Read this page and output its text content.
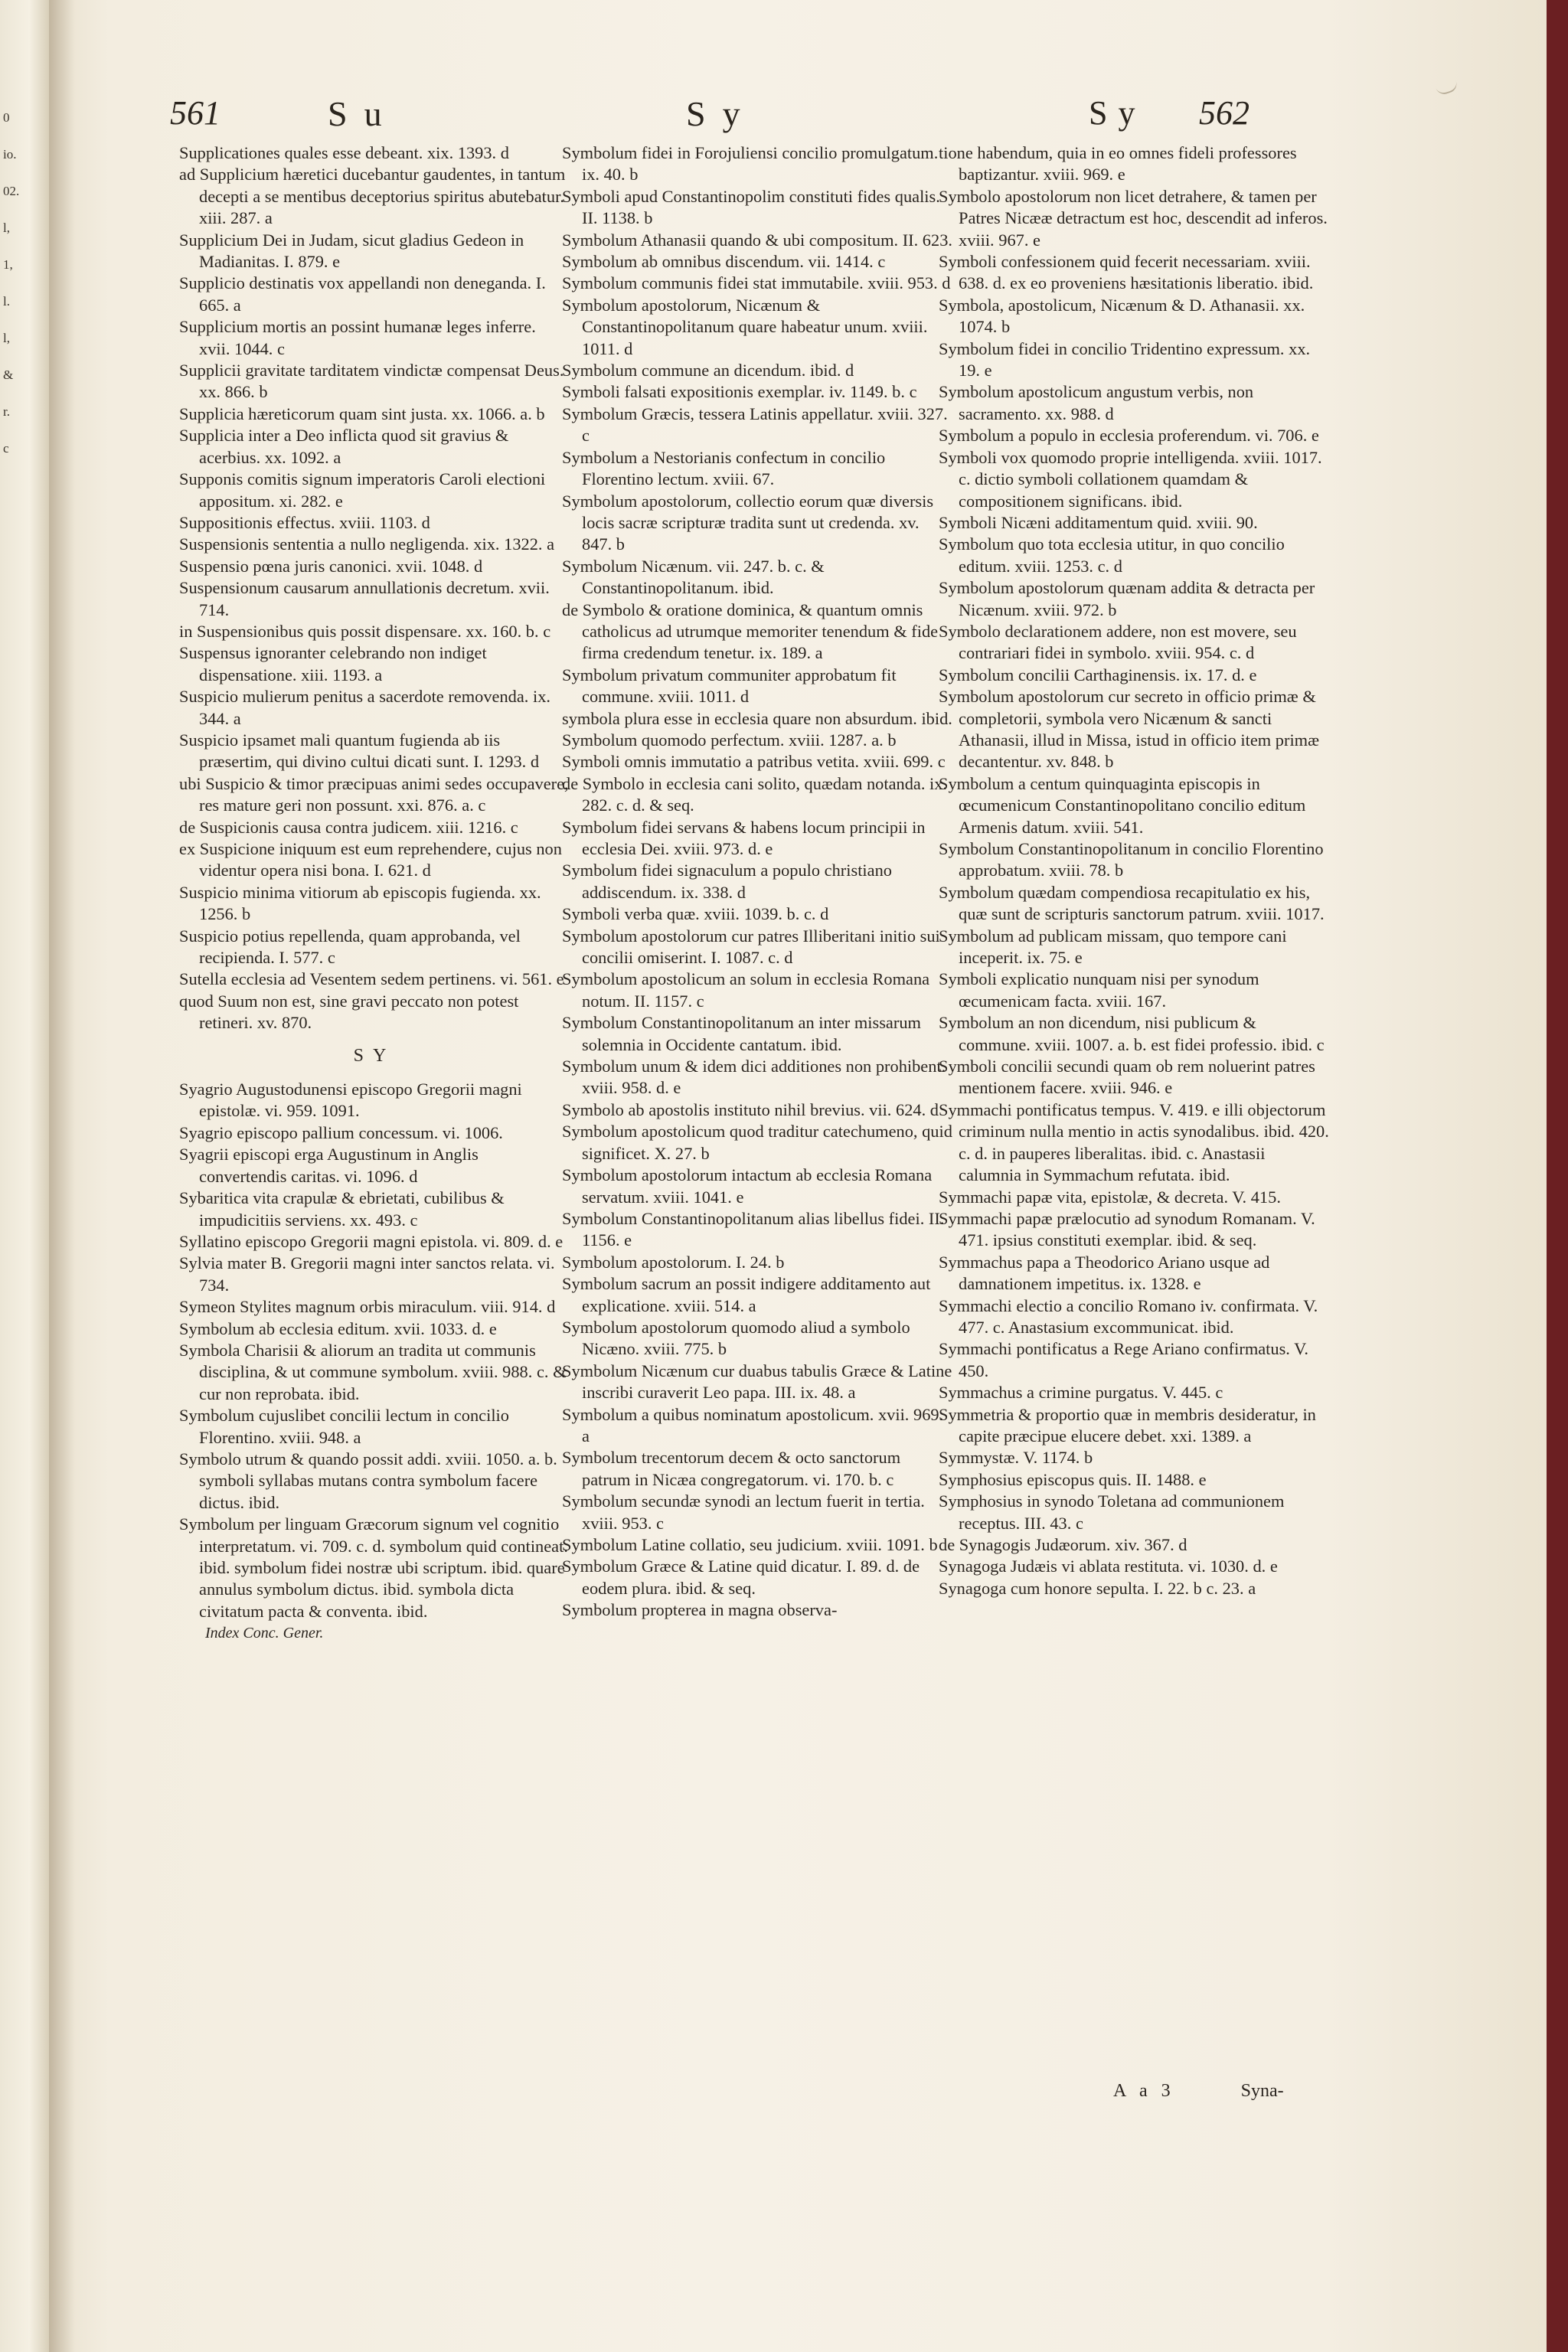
0
io.
02.
l,
1,
l.
l,
&
r.
c
561	Su	Sy	Sy 562

Supplicationes quales esse debeant. xix. 1393. d

ad Supplicium hæretici ducebantur gaudentes, in tantum decepti a se mentibus deceptorius spiritus abutebatur. xiii. 287. a

Supplicium Dei in Judam, sicut gladius Gedeon in Madianitas. I. 879. e

Supplicio destinatis vox appellandi non deneganda. I. 665. a

Supplicium mortis an possint humanæ leges inferre. xvii. 1044. c

Supplicii gravitate tarditatem vindictæ compensat Deus. xx. 866. b

Supplicia hæreticorum quam sint justa. xx. 1066. a. b

Supplicia inter a Deo inflicta quod sit gravius & acerbius. xx. 1092. a

Supponis comitis signum imperatoris Caroli electioni appositum. xi. 282. e

Suppositionis effectus. xviii. 1103. d

Suspensionis sententia a nullo negligenda. xix. 1322. a

Suspensio pœna juris canonici. xvii. 1048. d

Suspensionum causarum annullationis decretum. xvii. 714.

in Suspensionibus quis possit dispensare. xx. 160. b. c

Suspensus ignoranter celebrando non indiget dispensatione. xiii. 1193. a

Suspicio mulierum penitus a sacerdote removenda. ix. 344. a

Suspicio ipsamet mali quantum fugienda ab iis præsertim, qui divino cultui dicati sunt. I. 1293. d

ubi Suspicio & timor præcipuas animi sedes occupavere, res mature geri non possunt. xxi. 876. a. c

de Suspicionis causa contra judicem. xiii. 1216. c

ex Suspicione iniquum est eum reprehendere, cujus non videntur opera nisi bona. I. 621. d

Suspicio minima vitiorum ab episcopis fugienda. xx. 1256. b

Suspicio potius repellenda, quam approbanda, vel recipienda. I. 577. c

Sutella ecclesia ad Vesentem sedem pertinens. vi. 561. e

quod Suum non est, sine gravi peccato non potest retineri. xv. 870.

SY

Syagrio Augustodunensi episcopo Gregorii magni epistolæ. vi. 959. 1091.

Syagrio episcopo pallium concessum. vi. 1006.

Syagrii episcopi erga Augustinum in Anglis convertendis caritas. vi. 1096. d

Sybaritica vita crapulæ & ebrietati, cubilibus & impudicitiis serviens. xx. 493. c

Syllatino episcopo Gregorii magni epistola. vi. 809. d. e

Sylvia mater B. Gregorii magni inter sanctos relata. vi. 734.

Symeon Stylites magnum orbis miraculum. viii. 914. d

Symbolum ab ecclesia editum. xvii. 1033. d. e

Symbola Charisii & aliorum an tradita ut communis disciplina, & ut commune symbolum. xviii. 988. c. & cur non reprobata. ibid.

Symbolum cujuslibet concilii lectum in concilio Florentino. xviii. 948. a

Symbolo utrum & quando possit addi. xviii. 1050. a. b. symboli syllabas mutans contra symbolum facere dictus. ibid.

Symbolum per linguam Græcorum signum vel cognitio interpretatum. vi. 709. c. d. symbolum quid contineat. ibid. symbolum fidei nostræ ubi scriptum. ibid. quare annulus symbolum dictus. ibid. symbola dicta civitatum pacta & conventa. ibid.

Index Conc. Gener.

Symbolum fidei in Forojuliensi concilio promulgatum. ix. 40. b

Symboli apud Constantinopolim constituti fides qualis. II. 1138. b

Symbolum Athanasii quando & ubi compositum. II. 623.

Symbolum ab omnibus discendum. vii. 1414. c

Symbolum communis fidei stat immutabile. xviii. 953. d

Symbolum apostolorum, Nicænum & Constantinopolitanum quare habeatur unum. xviii. 1011. d

Symbolum commune an dicendum. ibid. d

Symboli falsati expositionis exemplar. iv. 1149. b. c

Symbolum Græcis, tessera Latinis appellatur. xviii. 327. c

Symbolum a Nestorianis confectum in concilio Florentino lectum. xviii. 67.

Symbolum apostolorum, collectio eorum quæ diversis locis sacræ scripturæ tradita sunt ut credenda. xv. 847. b

Symbolum Nicænum. vii. 247. b. c. & Constantinopolitanum. ibid.

de Symbolo & oratione dominica, & quantum omnis catholicus ad utrumque memoriter tenendum & fide firma credendum tenetur. ix. 189. a

Symbolum privatum communiter approbatum fit commune. xviii. 1011. d

symbola plura esse in ecclesia quare non absurdum. ibid.

Symbolum quomodo perfectum. xviii. 1287. a. b

Symboli omnis immutatio a patribus vetita. xviii. 699. c

de Symbolo in ecclesia cani solito, quædam notanda. ix. 282. c. d. & seq.

Symbolum fidei servans & habens locum principii in ecclesia Dei. xviii. 973. d. e

Symbolum fidei signaculum a populo christiano addiscendum. ix. 338. d

Symboli verba quæ. xviii. 1039. b. c. d

Symbolum apostolorum cur patres Illiberitani initio sui concilii omiserint. I. 1087. c. d

Symbolum apostolicum an solum in ecclesia Romana notum. II. 1157. c

Symbolum Constantinopolitanum an inter missarum solemnia in Occidente cantatum. ibid.

Symbolum unum & idem dici additiones non prohibent. xviii. 958. d. e

Symbolo ab apostolis instituto nihil brevius. vii. 624. d

Symbolum apostolicum quod traditur catechumeno, quid significet. X. 27. b

Symbolum apostolorum intactum ab ecclesia Romana servatum. xviii. 1041. e

Symbolum Constantinopolitanum alias libellus fidei. II. 1156. e

Symbolum apostolorum. I. 24. b

Symbolum sacrum an possit indigere additamento aut explicatione. xviii. 514. a

Symbolum apostolorum quomodo aliud a symbolo Nicæno. xviii. 775. b

Symbolum Nicænum cur duabus tabulis Græce & Latine inscribi curaverit Leo papa. III. ix. 48. a

Symbolum a quibus nominatum apostolicum. xvii. 969. a

Symbolum trecentorum decem & octo sanctorum patrum in Nicæa congregatorum. vi. 170. b. c

Symbolum secundæ synodi an lectum fuerit in tertia. xviii. 953. c

Symbolum Latine collatio, seu judicium. xviii. 1091. b

Symbolum Græce & Latine quid dicatur. I. 89. d. de eodem plura. ibid. & seq.

Symbolum propterea in magna observa-

tione habendum, quia in eo omnes fideli professores baptizantur. xviii. 969. e

Symbolo apostolorum non licet detrahere, & tamen per Patres Nicææ detractum est hoc, descendit ad inferos. xviii. 967. e

Symboli confessionem quid fecerit necessariam. xviii. 638. d. ex eo proveniens hæsitationis liberatio. ibid.

Symbola, apostolicum, Nicænum & D. Athanasii. xx. 1074. b

Symbolum fidei in concilio Tridentino expressum. xx. 19. e

Symbolum apostolicum angustum verbis, non sacramento. xx. 988. d

Symbolum a populo in ecclesia proferendum. vi. 706. e

Symboli vox quomodo proprie intelligenda. xviii. 1017. c. dictio symboli collationem quamdam & compositionem significans. ibid.

Symboli Nicæni additamentum quid. xviii. 90.

Symbolum quo tota ecclesia utitur, in quo concilio editum. xviii. 1253. c. d

Symbolum apostolorum quænam addita & detracta per Nicænum. xviii. 972. b

Symbolo declarationem addere, non est movere, seu contrariari fidei in symbolo. xviii. 954. c. d

Symbolum concilii Carthaginensis. ix. 17. d. e

Symbolum apostolorum cur secreto in officio primæ & completorii, symbola vero Nicænum & sancti Athanasii, illud in Missa, istud in officio item primæ decantentur. xv. 848. b

Symbolum a centum quinquaginta episcopis in œcumenicum Constantinopolitano concilio editum Armenis datum. xviii. 541.

Symbolum Constantinopolitanum in concilio Florentino approbatum. xviii. 78. b

Symbolum quædam compendiosa recapitulatio ex his, quæ sunt de scripturis sanctorum patrum. xviii. 1017.

Symbolum ad publicam missam, quo tempore cani inceperit. ix. 75. e

Symboli explicatio nunquam nisi per synodum œcumenicam facta. xviii. 167.

Symbolum an non dicendum, nisi publicum & commune. xviii. 1007. a. b. est fidei professio. ibid. c

Symboli concilii secundi quam ob rem noluerint patres mentionem facere. xviii. 946. e

Symmachi pontificatus tempus. V. 419. e illi objectorum criminum nulla mentio in actis synodalibus. ibid. 420. c. d. in pauperes liberalitas. ibid. c. Anastasii calumnia in Symmachum refutata. ibid.

Symmachi papæ vita, epistolæ, & decreta. V. 415.

Symmachi papæ prælocutio ad synodum Romanam. V. 471. ipsius constituti exemplar. ibid. & seq.

Symmachus papa a Theodorico Ariano usque ad damnationem impetitus. ix. 1328. e

Symmachi electio a concilio Romano iv. confirmata. V. 477. c. Anastasium excommunicat. ibid.

Symmachi pontificatus a Rege Ariano confirmatus. V. 450.

Symmachus a crimine purgatus. V. 445. c

Symmetria & proportio quæ in membris desideratur, in capite præcipue elucere debet. xxi. 1389. a

Symmystæ. V. 1174. b

Symphosius episcopus quis. II. 1488. e

Symphosius in synodo Toletana ad communionem receptus. III. 43. c

de Synagogis Judæorum. xiv. 367. d

Synagoga Judæis vi ablata restituta. vi. 1030. d. e

Synagoga cum honore sepulta. I. 22. b c. 23. a

A a 3	Syna-
